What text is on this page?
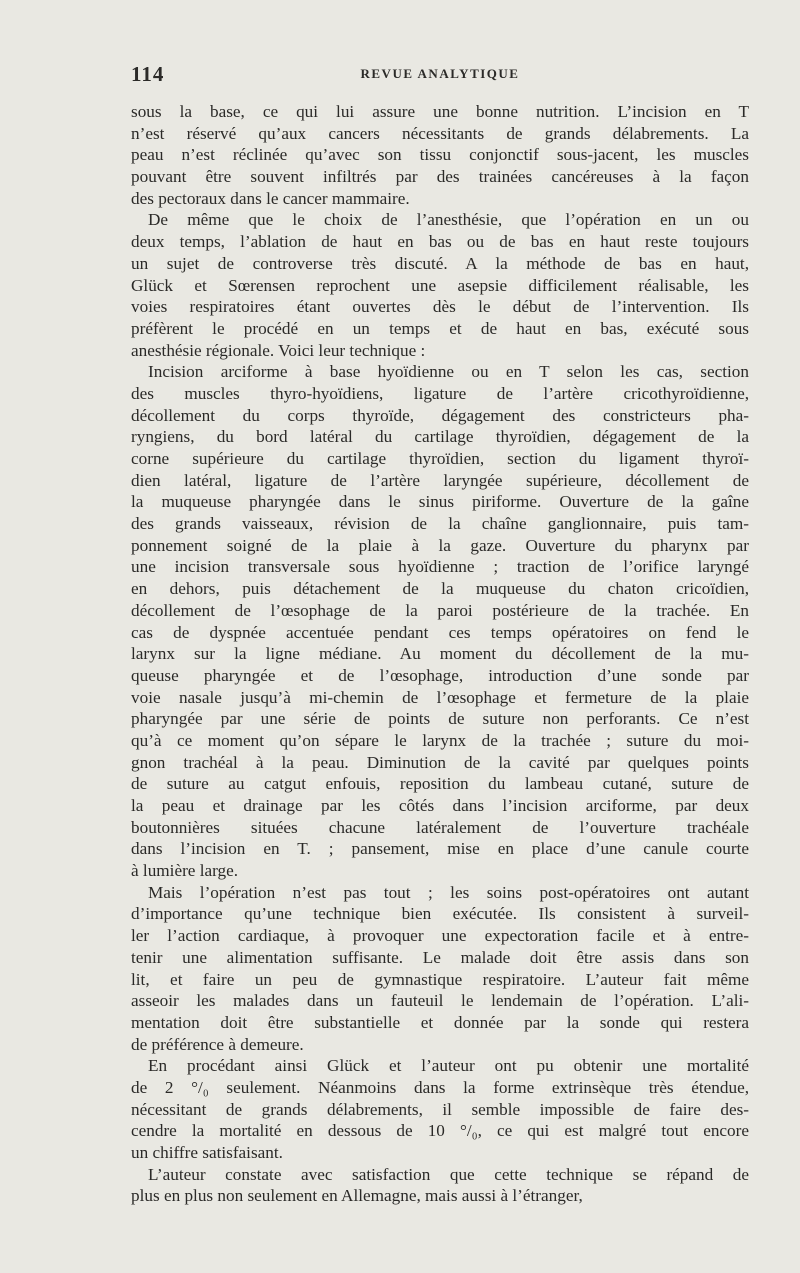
114	REVUE ANALYTIQUE
sous la base, ce qui lui assure une bonne nutrition. L’incision en T
n’est réservé qu’aux cancers nécessitants de grands délabrements. La
peau n’est réclinée qu’avec son tissu conjonctif sous-jacent, les muscles
pouvant être souvent infiltrés par des trainées cancéreuses à la façon
des pectoraux dans le cancer mammaire.
De même que le choix de l’anesthésie, que l’opération en un ou
deux temps, l’ablation de haut en bas ou de bas en haut reste toujours
un sujet de controverse très discuté. A la méthode de bas en haut,
Glück et Sœrensen reprochent une asepsie difficilement réalisable, les
voies respiratoires étant ouvertes dès le début de l’intervention. Ils
préfèrent le procédé en un temps et de haut en bas, exécuté sous
anesthésie régionale. Voici leur technique :
Incision arciforme à base hyoïdienne ou en T selon les cas, section
des muscles thyro-hyoïdiens, ligature de l’artère cricothyroïdienne,
décollement du corps thyroïde, dégagement des constricteurs pha-
ryngiens, du bord latéral du cartilage thyroïdien, dégagement de la
corne supérieure du cartilage thyroïdien, section du ligament thyroï-
dien latéral, ligature de l’artère laryngée supérieure, décollement de
la muqueuse pharyngée dans le sinus piriforme. Ouverture de la gaîne
des grands vaisseaux, révision de la chaîne ganglionnaire, puis tam-
ponnement soigné de la plaie à la gaze. Ouverture du pharynx par
une incision transversale sous hyoïdienne ; traction de l’orifice laryngé
en dehors, puis détachement de la muqueuse du chaton cricoïdien,
décollement de l’œsophage de la paroi postérieure de la trachée. En
cas de dyspnée accentuée pendant ces temps opératoires on fend le
larynx sur la ligne médiane. Au moment du décollement de la mu-
queuse pharyngée et de l’œsophage, introduction d’une sonde par
voie nasale jusqu’à mi-chemin de l’œsophage et fermeture de la plaie
pharyngée par une série de points de suture non perforants. Ce n’est
qu’à ce moment qu’on sépare le larynx de la trachée ; suture du moi-
gnon trachéal à la peau. Diminution de la cavité par quelques points
de suture au catgut enfouis, reposition du lambeau cutané, suture de
la peau et drainage par les côtés dans l’incision arciforme, par deux
boutonnières situées chacune latéralement de l’ouverture trachéale
dans l’incision en T. ; pansement, mise en place d’une canule courte
à lumière large.
Mais l’opération n’est pas tout ; les soins post-opératoires ont autant
d’importance qu’une technique bien exécutée. Ils consistent à surveil-
ler l’action cardiaque, à provoquer une expectoration facile et à entre-
tenir une alimentation suffisante. Le malade doit être assis dans son
lit, et faire un peu de gymnastique respiratoire. L’auteur fait même
asseoir les malades dans un fauteuil le lendemain de l’opération. L’ali-
mentation doit être substantielle et donnée par la sonde qui restera
de préférence à demeure.
En procédant ainsi Glück et l’auteur ont pu obtenir une mortalité
de 2 °/₀ seulement. Néanmoins dans la forme extrinsèque très étendue,
nécessitant de grands délabrements, il semble impossible de faire des-
cendre la mortalité en dessous de 10 °/₀, ce qui est malgré tout encore
un chiffre satisfaisant.
L’auteur constate avec satisfaction que cette technique se répand de
plus en plus non seulement en Allemagne, mais aussi à l’étranger,
